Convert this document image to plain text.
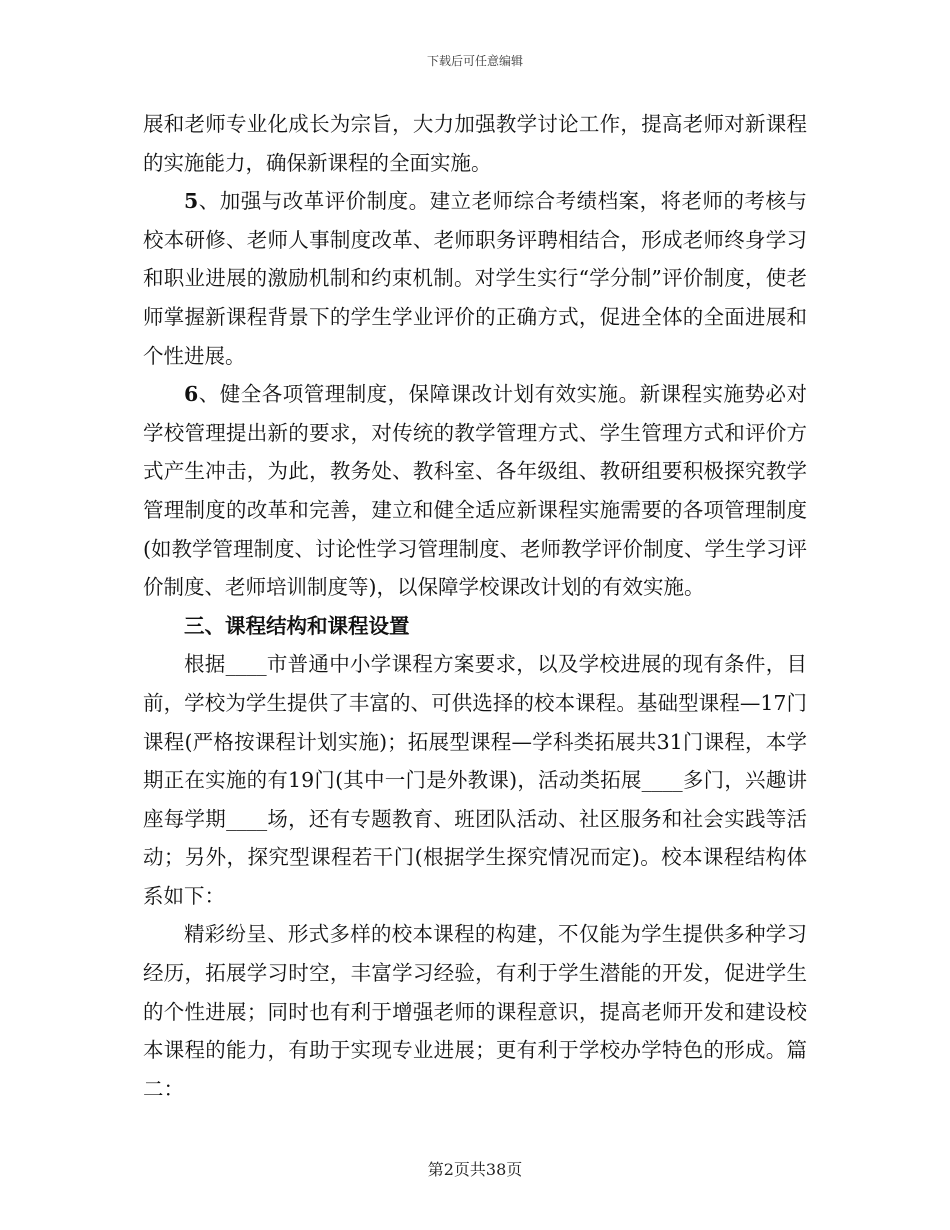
下载后可任意编辑

展和老师专业化成长为宗旨，大力加强教学讨论工作，提高老师对新课程的实施能力，确保新课程的全面实施。

5、加强与改革评价制度。建立老师综合考绩档案，将老师的考核与校本研修、老师人事制度改革、老师职务评聘相结合，形成老师终身学习和职业进展的激励机制和约束机制。对学生实行“学分制”评价制度，使老师掌握新课程背景下的学生学业评价的正确方式，促进全体的全面进展和个性进展。

6、健全各项管理制度，保障课改计划有效实施。新课程实施势必对学校管理提出新的要求，对传统的教学管理方式、学生管理方式和评价方式产生冲击，为此，教务处、教科室、各年级组、教研组要积极探究教学管理制度的改革和完善，建立和健全适应新课程实施需要的各项管理制度(如教学管理制度、讨论性学习管理制度、老师教学评价制度、学生学习评价制度、老师培训制度等)，以保障学校课改计划的有效实施。

三、课程结构和课程设置

根据____市普通中小学课程方案要求，以及学校进展的现有条件，目前，学校为学生提供了丰富的、可供选择的校本课程。基础型课程—17门课程(严格按课程计划实施)；拓展型课程—学科类拓展共31门课程，本学期正在实施的有19门(其中一门是外教课)，活动类拓展____多门，兴趣讲座每学期____场，还有专题教育、班团队活动、社区服务和社会实践等活动；另外，探究型课程若干门(根据学生探究情况而定)。校本课程结构体系如下：

精彩纷呈、形式多样的校本课程的构建，不仅能为学生提供多种学习经历，拓展学习时空，丰富学习经验，有利于学生潜能的开发，促进学生的个性进展；同时也有利于增强老师的课程意识，提高老师开发和建设校本课程的能力，有助于实现专业进展；更有利于学校办学特色的形成。篇二：

第2页共38页
